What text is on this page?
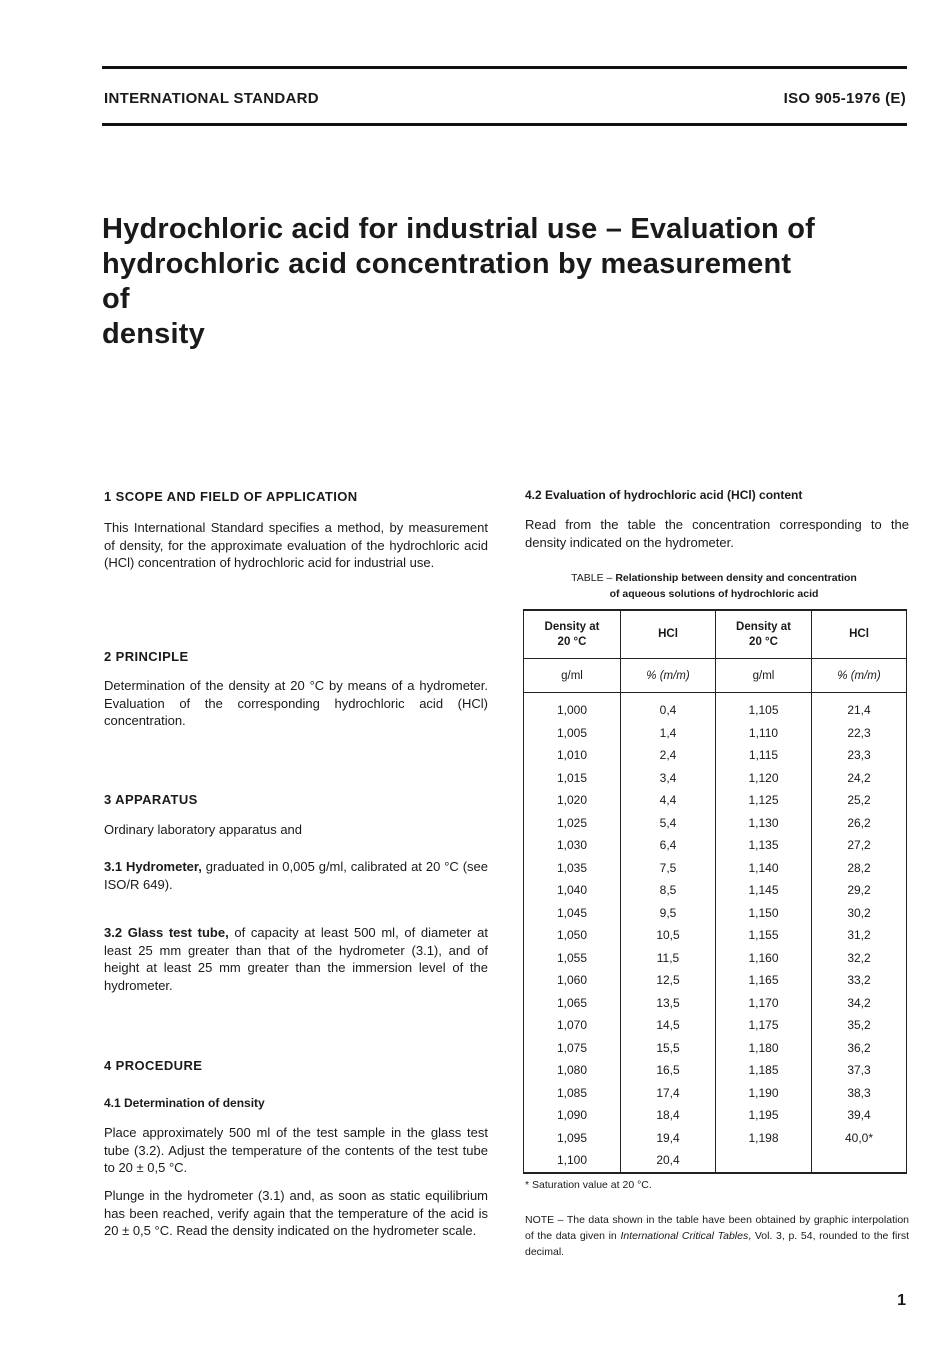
INTERNATIONAL STANDARD	ISO 905-1976 (E)
Hydrochloric acid for industrial use – Evaluation of
hydrochloric acid concentration by measurement of
density
1 SCOPE AND FIELD OF APPLICATION
This International Standard specifies a method, by measurement of density, for the approximate evaluation of the hydrochloric acid (HCl) concentration of hydrochloric acid for industrial use.
2 PRINCIPLE
Determination of the density at 20 °C by means of a hydrometer. Evaluation of the corresponding hydrochloric acid (HCl) concentration.
3 APPARATUS
Ordinary laboratory apparatus and
3.1 Hydrometer, graduated in 0,005 g/ml, calibrated at 20 °C (see ISO/R 649).
3.2 Glass test tube, of capacity at least 500 ml, of diameter at least 25 mm greater than that of the hydrometer (3.1), and of height at least 25 mm greater than the immersion level of the hydrometer.
4 PROCEDURE
4.1 Determination of density
Place approximately 500 ml of the test sample in the glass test tube (3.2). Adjust the temperature of the contents of the test tube to 20 ± 0,5 °C.
Plunge in the hydrometer (3.1) and, as soon as static equilibrium has been reached, verify again that the temperature of the acid is 20 ± 0,5 °C. Read the density indicated on the hydrometer scale.
4.2 Evaluation of hydrochloric acid (HCl) content
Read from the table the concentration corresponding to the density indicated on the hydrometer.
TABLE – Relationship between density and concentration
of aqueous solutions of hydrochloric acid
Density at 20 °C	HCl	Density at 20 °C	HCl
g/ml	% (m/m)	g/ml	% (m/m)
1,000	0,4	1,105	21,4
1,005	1,4	1,110	22,3
1,010	2,4	1,115	23,3
1,015	3,4	1,120	24,2
1,020	4,4	1,125	25,2
1,025	5,4	1,130	26,2
1,030	6,4	1,135	27,2
1,035	7,5	1,140	28,2
1,040	8,5	1,145	29,2
1,045	9,5	1,150	30,2
1,050	10,5	1,155	31,2
1,055	11,5	1,160	32,2
1,060	12,5	1,165	33,2
1,065	13,5	1,170	34,2
1,070	14,5	1,175	35,2
1,075	15,5	1,180	36,2
1,080	16,5	1,185	37,3
1,085	17,4	1,190	38,3
1,090	18,4	1,195	39,4
1,095	19,4	1,198	40,0*
1,100	20,4		
* Saturation value at 20 °C.
NOTE – The data shown in the table have been obtained by graphic interpolation of the data given in International Critical Tables, Vol. 3, p. 54, rounded to the first decimal.
1
